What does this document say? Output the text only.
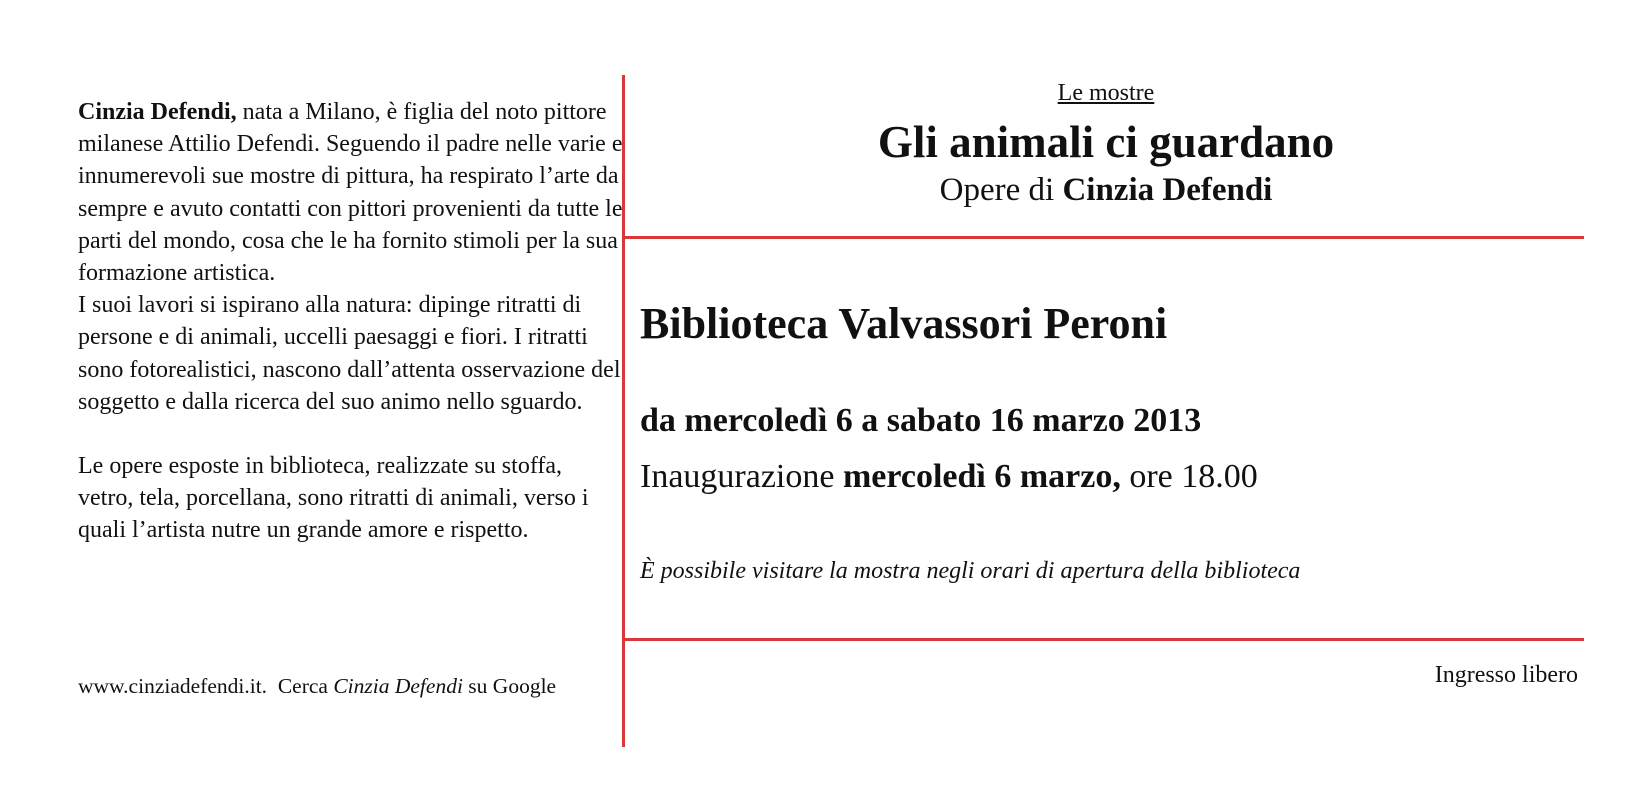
Cinzia Defendi, nata a Milano, è figlia del noto pittore milanese Attilio Defendi. Seguendo il padre nelle varie e innumerevoli sue mostre di pittura, ha respirato l’arte da sempre e avuto contatti con pittori provenienti da tutte le parti del mondo, cosa che le ha fornito stimoli per la sua formazione artistica.

I suoi lavori si ispirano alla natura: dipinge ritratti di persone e di animali, uccelli paesaggi e fiori. I ritratti sono fotorealistici, nascono dall’attenta osservazione del soggetto e dalla ricerca del suo animo nello sguardo.

Le opere esposte in biblioteca, realizzate su stoffa, vetro, tela, porcellana, sono ritratti di animali, verso i quali l’artista nutre un grande amore e rispetto.

www.cinziadefendi.it. Cerca Cinzia Defendi su Google
Le mostre
Gli animali ci guardano
Opere di Cinzia Defendi
Biblioteca Valvassori Peroni
da mercoledì 6 a sabato 16 marzo 2013
Inaugurazione mercoledì 6 marzo, ore 18.00
È possibile visitare la mostra negli orari di apertura della biblioteca
Ingresso libero
